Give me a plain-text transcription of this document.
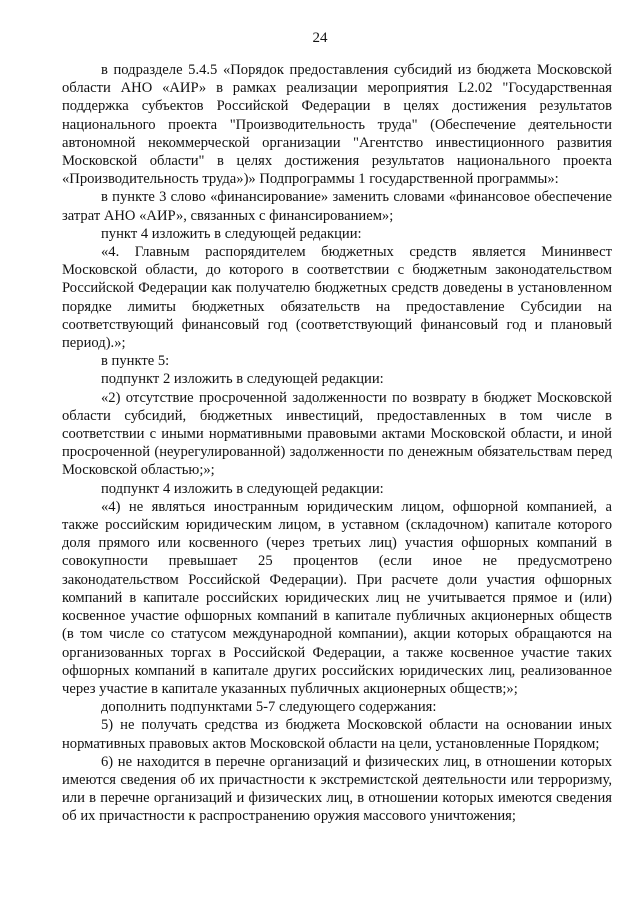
24

в подразделе 5.4.5 «Порядок предоставления субсидий из бюджета Московской области АНО «АИР» в рамках реализации мероприятия L2.02 "Государственная поддержка субъектов Российской Федерации в целях достижения результатов национального проекта "Производительность труда" (Обеспечение деятельности автономной некоммерческой организации "Агентство инвестиционного развития Московской области" в целях достижения результатов национального проекта «Производительность труда»)» Подпрограммы 1 государственной программы»:

в пункте 3 слово «финансирование» заменить словами «финансовое обеспечение затрат АНО «АИР», связанных с финансированием»;

пункт 4 изложить в следующей редакции:

«4. Главным распорядителем бюджетных средств является Мининвест Московской области, до которого в соответствии с бюджетным законодательством Российской Федерации как получателю бюджетных средств доведены в установленном порядке лимиты бюджетных обязательств на предоставление Субсидии на соответствующий финансовый год (соответствующий финансовый год и плановый период).»;

в пункте 5:

подпункт 2 изложить в следующей редакции:

«2) отсутствие просроченной задолженности по возврату в бюджет Московской области субсидий, бюджетных инвестиций, предоставленных в том числе в соответствии с иными нормативными правовыми актами Московской области, и иной просроченной (неурегулированной) задолженности по денежным обязательствам перед Московской областью;»;

подпункт 4 изложить в следующей редакции:

«4) не являться иностранным юридическим лицом, офшорной компанией, а также российским юридическим лицом, в уставном (складочном) капитале которого доля прямого или косвенного (через третьих лиц) участия офшорных компаний в совокупности превышает 25 процентов (если иное не предусмотрено законодательством Российской Федерации). При расчете доли участия офшорных компаний в капитале российских юридических лиц не учитывается прямое и (или) косвенное участие офшорных компаний в капитале публичных акционерных обществ (в том числе со статусом международной компании), акции которых обращаются на организованных торгах в Российской Федерации, а также косвенное участие таких офшорных компаний в капитале других российских юридических лиц, реализованное через участие в капитале указанных публичных акционерных обществ;»;

дополнить подпунктами 5-7 следующего содержания:

5) не получать средства из бюджета Московской области на основании иных нормативных правовых актов Московской области на цели, установленные Порядком;

6) не находится в перечне организаций и физических лиц, в отношении которых имеются сведения об их причастности к экстремистской деятельности или терроризму, или в перечне организаций и физических лиц, в отношении которых имеются сведения об их причастности к распространению оружия массового уничтожения;
